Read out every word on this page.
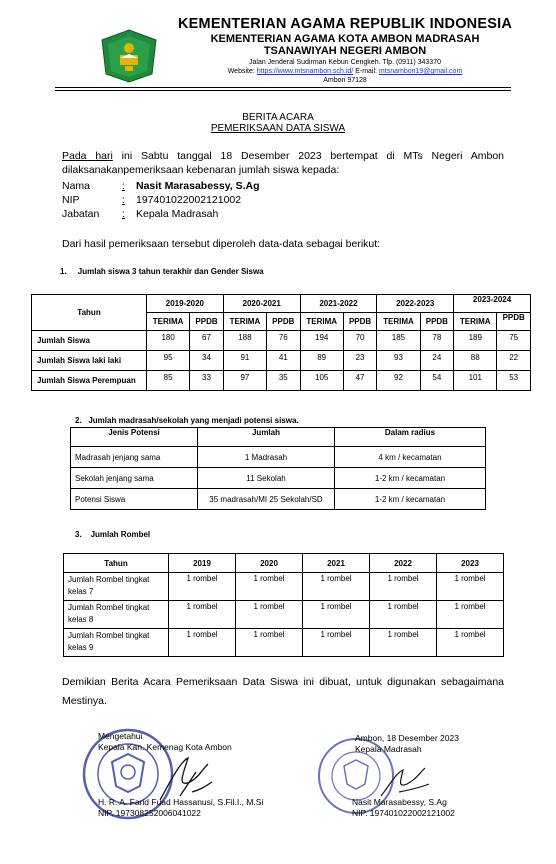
KEMENTERIAN AGAMA REPUBLIK INDONESIA
KEMENTERIAN AGAMA KOTA AMBON MADRASAH
TSANAWIYAH NEGERI AMBON
Jalan Jenderal Sudirman Kebun Cengkeh. Tlp. (0911) 343370
Website: https://www.mtsnambon.sch.id/ E-mail: mtsnambon19@gmail.com
Ambon 97128
BERITA ACARA
PEMERIKSAAN DATA SISWA
Pada hari ini Sabtu tanggal 18 Desember 2023 bertempat di MTs Negeri Ambon
dilaksanakanpemeriksaan kebenaran jumlah siswa kepada:
Nama	: Nasit Marasabessy, S.Ag
NIP	: 197401022002121002
Jabatan : Kepala Madrasah
Dari hasil pemeriksaan tersebut diperoleh data-data sebagai berikut:
1.     Jumlah siswa 3 tahun terakhir dan Gender Siswa
Tahun	2019-2020		2020-2021		2021-2022		2022-2023		2023-2024	
	TERIMA	PPDB	TERIMA	PPDB	TERIMA	PPDB	TERIMA	PPDB	TERIMA	PPDB
Jumlah Siswa	180	67	188	76	194	70	185	78	189	75
Jumlah Siswa laki laki	95	34	91	41	89	23	93	24	88	22
Jumlah Siswa Perempuan	85	33	97	35	105	47	92	54	101	53
2.   Jumlah madrasah/sekolah yang menjadi potensi siswa.
Jenis Potensi	Jumlah	Dalam radius
Madrasah jenjang sama	1 Madrasah	4 km / kecamatan
Sekolah jenjang sama	11 Sekolah	1-2 km / kecamatan
Potensi Siswa	35 madrasah/MI 25 Sekolah/SD	1-2 km / kecamatan
3.    Jumlah Rombel
Tahun	2019	2020	2021	2022	2023
Jumlah Rombel tingkat
kelas 7	1 rombel	1 rombel	1 rombel	1 rombel	1 rombel
Jumlah Rombel tingkat
kelas 8	1 rombel	1 rombel	1 rombel	1 rombel	1 rombel
Jumlah Rombel tingkat
kelas 9	1 rombel	1 rombel	1 rombel	1 rombel	1 rombel
Demikian Berita Acara Pemeriksaan Data Siswa ini dibuat, untuk digunakan sebagaimana Mestinya.
Mengetahui
Kepala Kan. Kemenag Kota Ambon
H. R. A. Farid Fuad Hassanusi, S.Fil.I., M.Si
NIP. 197308252006041022
Ambon, 18 Desember 2023
Kepala Madrasah
Nasit Marasabessy, S.Ag
NIP. 197401022002121002
